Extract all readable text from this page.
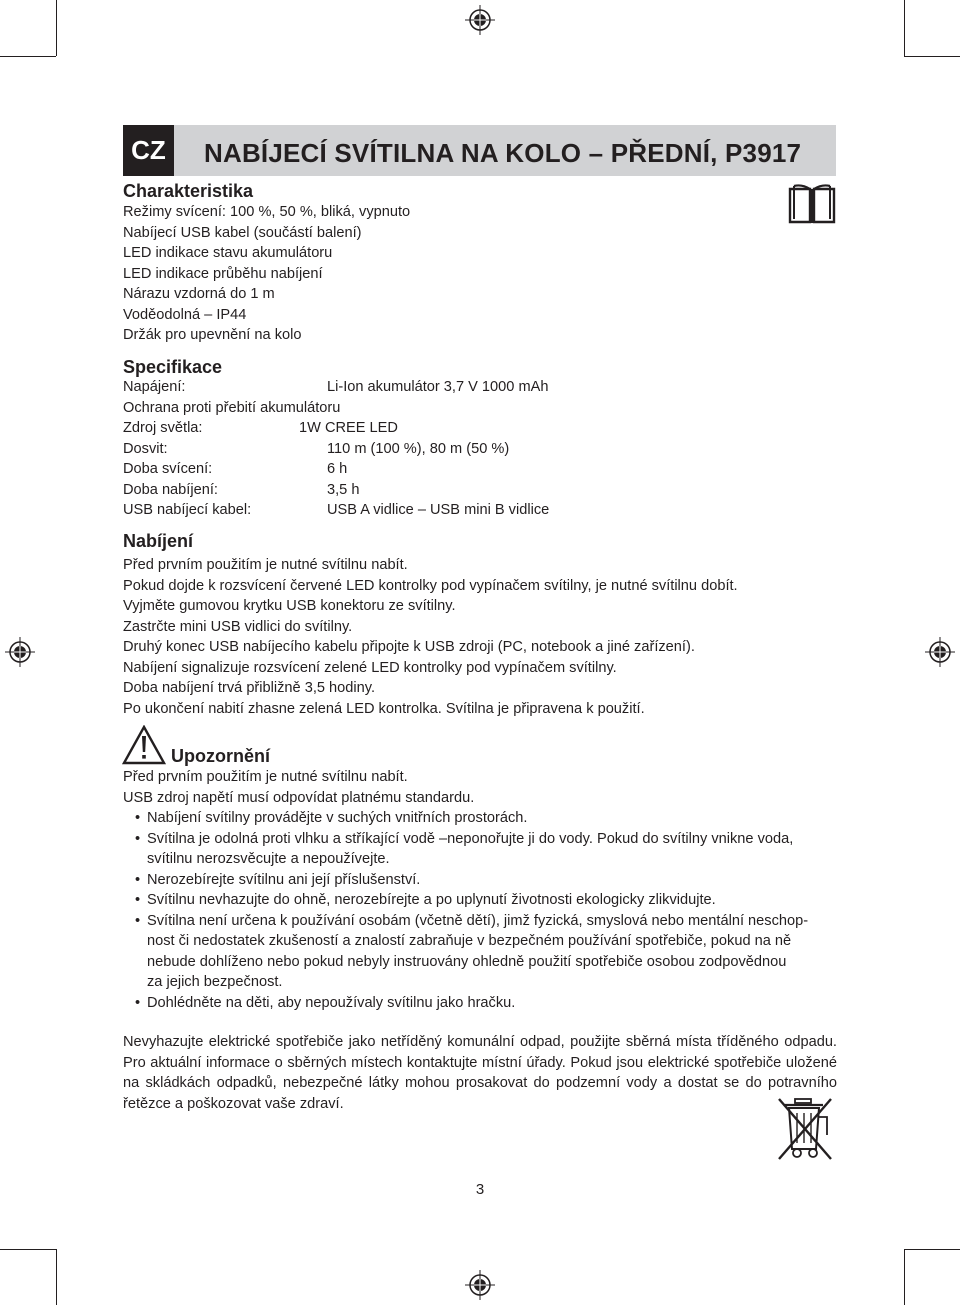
CZ	NABÍJECÍ SVÍTILNA NA KOLO – PŘEDNÍ, P3917
Charakteristika
Režimy svícení: 100 %, 50 %, bliká, vypnuto
Nabíjecí USB kabel (součástí balení)
LED indikace stavu akumulátoru
LED indikace průběhu nabíjení
Nárazu vzdorná do 1 m
Voděodolná – IP44
Držák pro upevnění na kolo
Specifikace
Napájení:	Li-Ion akumulátor 3,7 V 1000 mAh
Ochrana proti přebití akumulátoru
Zdroj světla:	1W CREE LED
Dosvit:	110 m (100 %), 80 m (50 %)
Doba svícení:	6 h
Doba nabíjení:	3,5 h
USB nabíjecí kabel:	USB A vidlice – USB mini B vidlice
Nabíjení
Před prvním použitím je nutné svítilnu nabít.
Pokud dojde k rozsvícení červené LED kontrolky pod vypínačem svítilny, je nutné svítilnu dobít.
Vyjměte gumovou krytku USB konektoru ze svítilny.
Zastrčte mini USB vidlici do svítilny.
Druhý konec USB nabíjecího kabelu připojte k USB zdroji (PC, notebook a jiné zařízení).
Nabíjení signalizuje rozsvícení zelené LED kontrolky pod vypínačem svítilny.
Doba nabíjení trvá přibližně 3,5 hodiny.
Po ukončení nabití zhasne zelená LED kontrolka. Svítilna je připravena k použití.
Upozornění
Před prvním použitím je nutné svítilnu nabít.
USB zdroj napětí musí odpovídat platnému standardu.
• Nabíjení svítilny provádějte v suchých vnitřních prostorách.
• Svítilna je odolná proti vlhku a stříkající vodě –neponořujte ji do vody. Pokud do svítilny vnikne voda,
svítilnu nerozsvěcujte a nepoužívejte.
• Nerozebírejte svítilnu ani její příslušenství.
• Svítilnu nevhazujte do ohně, nerozebírejte a po uplynutí životnosti ekologicky zlikvidujte.
• Svítilna není určena k používání osobám (včetně dětí), jimž fyzická, smyslová nebo mentální neschop-
nost či nedostatek zkušeností a znalostí zabraňuje v bezpečném používání spotřebiče, pokud na ně
nebude dohlíženo nebo pokud nebyly instruovány ohledně použití spotřebiče osobou zodpovědnou
za jejich bezpečnost.
• Dohlédněte na děti, aby nepoužívaly svítilnu jako hračku.
Nevyhazujte elektrické spotřebiče jako netříděný komunální odpad, použijte sběrná místa tříděného odpadu. Pro aktuální informace o sběrných místech kontaktujte místní úřady. Pokud jsou elektrické spotřebiče uložené na skládkách odpadků, nebezpečné látky mohou prosakovat do podzemní vody a dostat se do potravního řetězce a poškozovat vaše zdraví.
3
